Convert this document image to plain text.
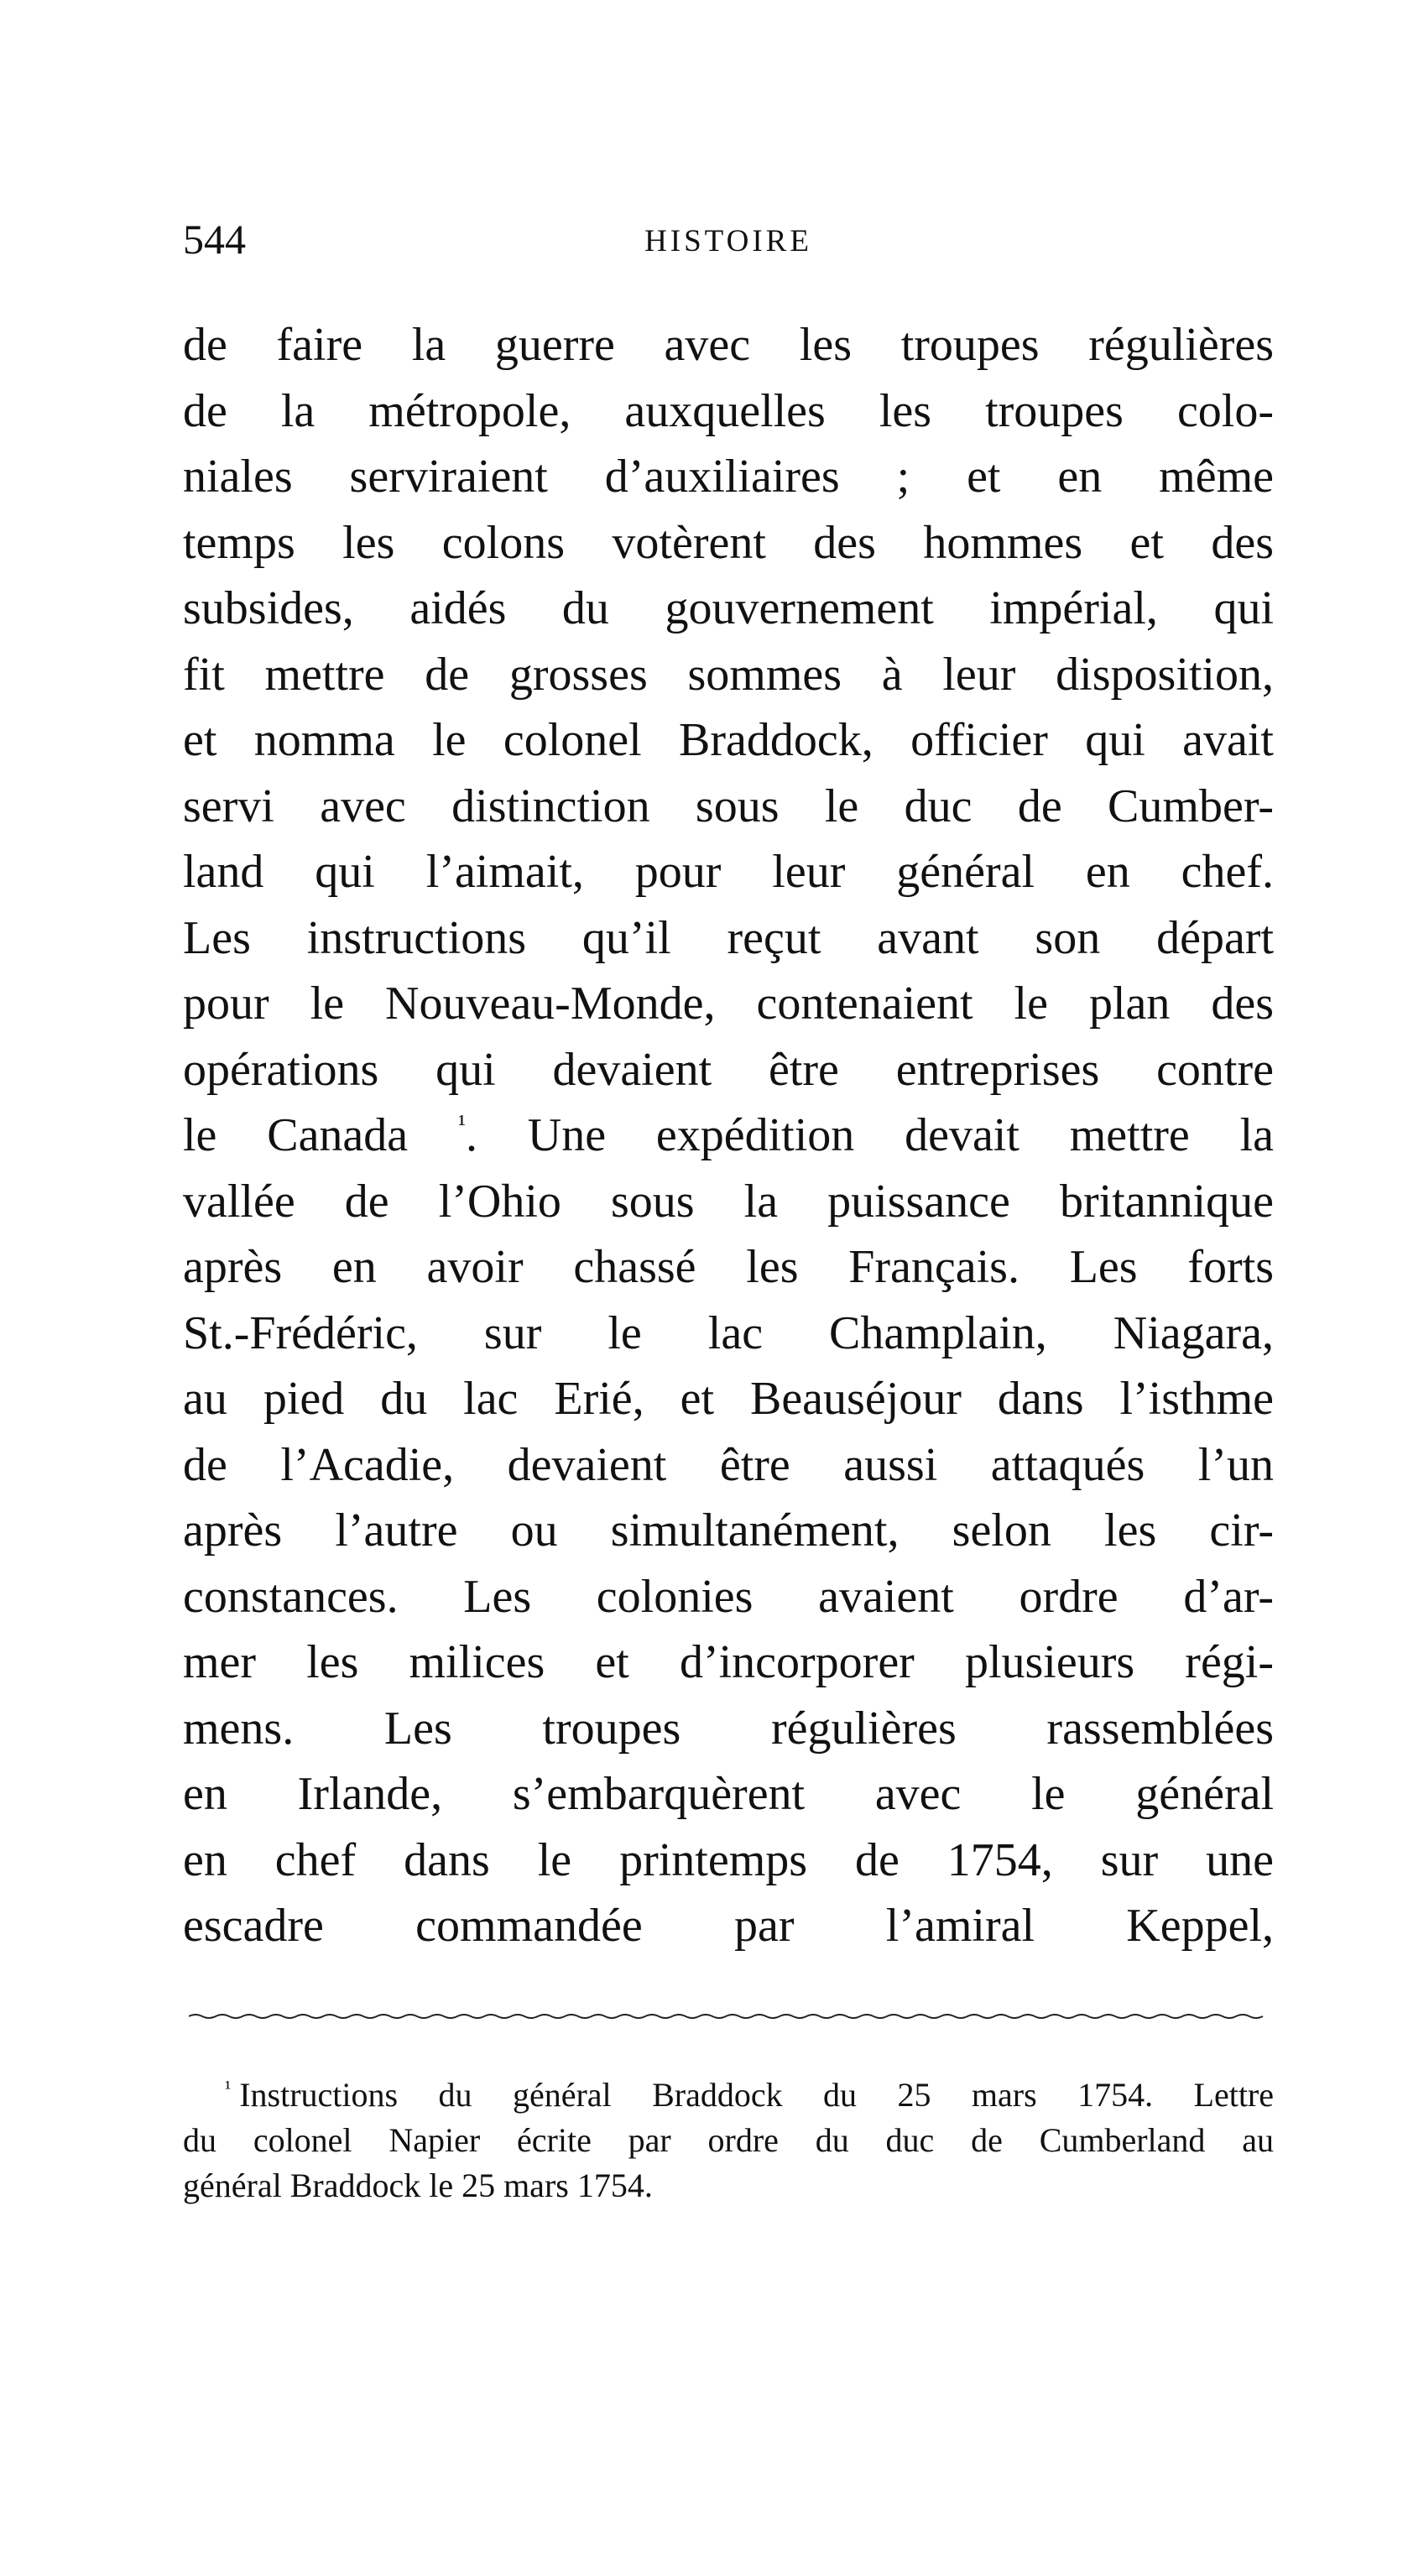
544	HISTOIRE
de faire la guerre avec les troupes régulières
de la métropole, auxquelles les troupes colo-
niales serviraient d’auxiliaires ; et en même
temps les colons votèrent des hommes et des
subsides, aidés du gouvernement impérial, qui
fit mettre de grosses sommes à leur disposition,
et nomma le colonel Braddock, officier qui avait
servi avec distinction sous le duc de Cumber-
land qui l’aimait, pour leur général en chef.
Les instructions qu’il reçut avant son départ
pour le Nouveau-Monde, contenaient le plan des
opérations qui devaient être entreprises contre
le Canada $^{^1}$. Une expédition devait mettre la
vallée de l’Ohio sous la puissance britannique
après en avoir chassé les Français. Les forts
St.-Frédéric, sur le lac Champlain, Niagara,
au pied du lac Erié, et Beauséjour dans l’isthme
de l’Acadie, devaient être aussi attaqués l’un
après l’autre ou simultanément, selon les cir-
constances. Les colonies avaient ordre d’ar-
mer les milices et d’incorporer plusieurs régi-
mens. Les troupes régulières rassemblées
en Irlande, s’embarquèrent avec le général
en chef dans le printemps de 1754, sur une
escadre commandée par l’amiral Keppel,
$^{^1}$ Instructions du général Braddock du 25 mars 1754. Lettre
du colonel Napier écrite par ordre du duc de Cumberland au
général Braddock le 25 mars 1754.
